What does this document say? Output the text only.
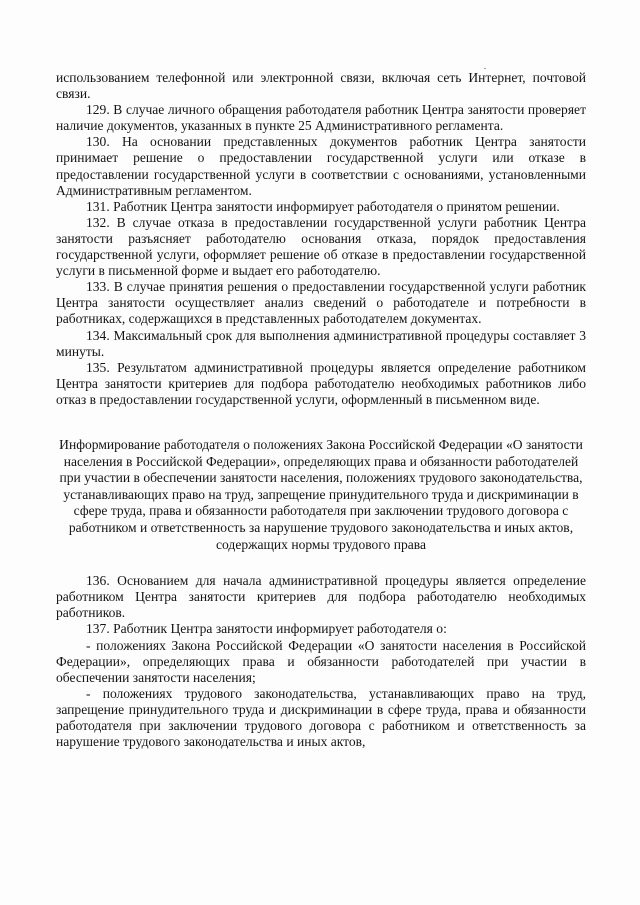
использованием телефонной или электронной связи, включая сеть Интернет, почтовой связи.

129. В случае личного обращения работодателя работник Центра занятости проверяет наличие документов, указанных в пункте 25 Административного регламента.

130. На основании представленных документов работник Центра занятости принимает решение о предоставлении государственной услуги или отказе в предоставлении государственной услуги в соответствии с основаниями, установленными Административным регламентом.

131. Работник Центра занятости информирует работодателя о принятом решении.

132. В случае отказа в предоставлении государственной услуги работник Центра занятости разъясняет работодателю основания отказа, порядок предоставления государственной услуги, оформляет решение об отказе в предоставлении государственной услуги в письменной форме и выдает его работодателю.

133. В случае принятия решения о предоставлении государственной услуги работник Центра занятости осуществляет анализ сведений о работодателе и потребности в работниках, содержащихся в представленных работодателем документах.

134. Максимальный срок для выполнения административной процедуры составляет 3 минуты.

135. Результатом административной процедуры является определение работником Центра занятости критериев для подбора работодателю необходимых работников либо отказ в предоставлении государственной услуги, оформленный в письменном виде.

Информирование работодателя о положениях Закона Российской Федерации «О занятости населения в Российской Федерации», определяющих права и обязанности работодателей при участии в обеспечении занятости населения, положениях трудового законодательства, устанавливающих право на труд, запрещение принудительного труда и дискриминации в сфере труда, права и обязанности работодателя при заключении трудового договора с работником и ответственность за нарушение трудового законодательства и иных актов, содержащих нормы трудового права

136. Основанием для начала административной процедуры является определение работником Центра занятости критериев для подбора работодателю необходимых работников.

137. Работник Центра занятости информирует работодателя о:

- положениях Закона Российской Федерации «О занятости населения в Российской Федерации», определяющих права и обязанности работодателей при участии в обеспечении занятости населения;

- положениях трудового законодательства, устанавливающих право на труд, запрещение принудительного труда и дискриминации в сфере труда, права и обязанности работодателя при заключении трудового договора с работником и ответственность за нарушение трудового законодательства и иных актов,
